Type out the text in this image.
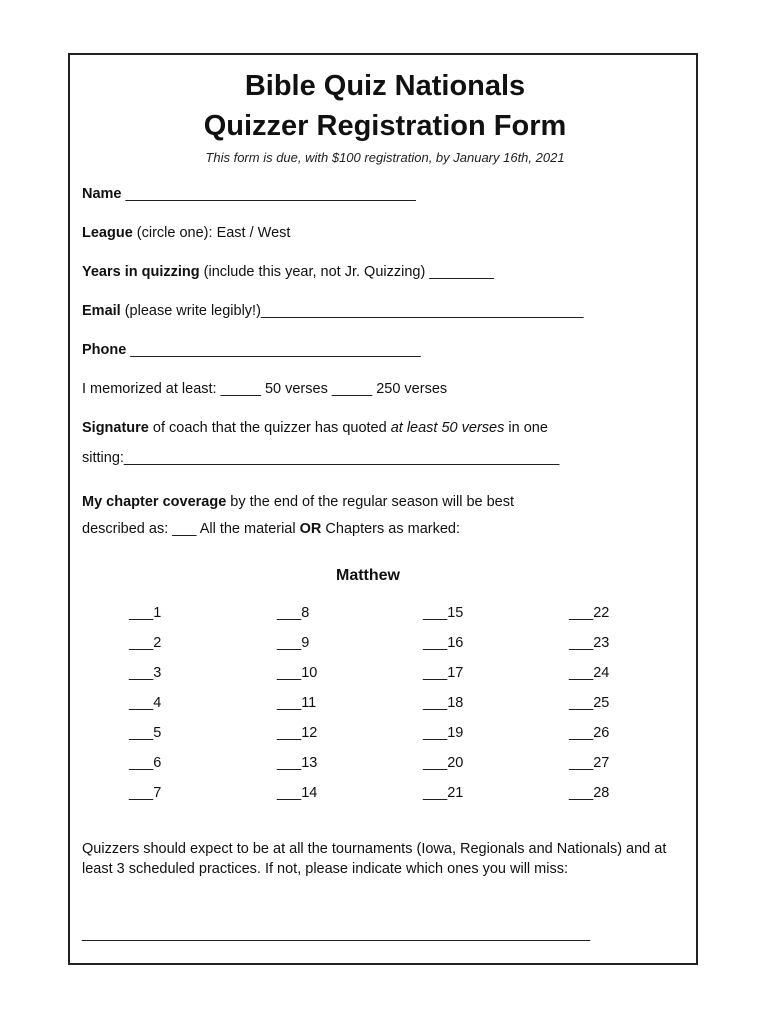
Bible Quiz Nationals
Quizzer Registration Form
This form is due, with $100 registration, by January 16th, 2021
Name ____________________________________
League (circle one): East / West
Years in quizzing (include this year, not Jr. Quizzing) ________
Email (please write legibly!)________________________________________
Phone ____________________________________
I memorized at least: _____ 50 verses _____ 250 verses
Signature of coach that the quizzer has quoted at least 50 verses in one
sitting:______________________________________________________
My chapter coverage by the end of the regular season will be best
described as: ___ All the material OR Chapters as marked:
Matthew
___1
___2
___3
___4
___5
___6
___7
___8
___9
___10
___11
___12
___13
___14
___15
___16
___17
___18
___19
___20
___21
___22
___23
___24
___25
___26
___27
___28
Quizzers should expect to be at all the tournaments (Iowa, Regionals and Nationals) and at least 3 scheduled practices. If not, please indicate which ones you will miss:
_______________________________________________________________
